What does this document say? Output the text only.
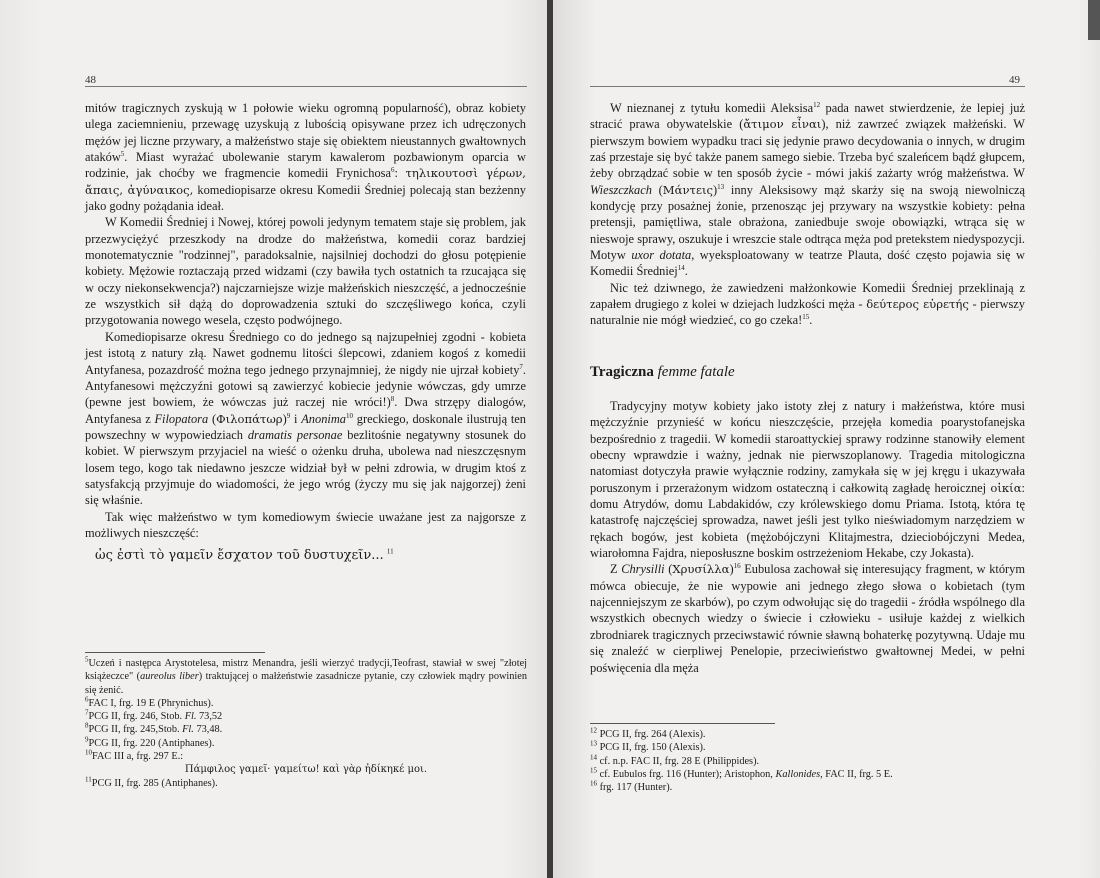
48

mitów tragicznych zyskują w 1 połowie wieku ogromną popularność), obraz kobiety ulega zaciemnieniu, przewagę uzyskują z lubością opisywane przez ich udręczonych mężów jej liczne przywary, a małżeństwo staje się obiektem nieustannych gwałtownych ataków$^5$. Miast wyrażać ubolewanie starym kawalerom pozbawionym oparcia w rodzinie, jak choćby we fragmencie komedii Frynichosa$^6$: τηλικουτοσὶ γέρων, ἄπαις, ἀγύναικος, komediopisarze okresu Komedii Średniej polecają stan bezżenny jako godny pożądania ideał.

W Komedii Średniej i Nowej, której powoli jedynym tematem staje się problem, jak przezwyciężyć przeszkody na drodze do małżeństwa, komedii coraz bardziej monotematycznie "rodzinnej", paradoksalnie, najsilniej dochodzi do głosu potępienie kobiety. Mężowie roztaczają przed widzami (czy bawiła tych ostatnich ta rzucająca się w oczy niekonsekwencja?) najczarniejsze wizje małżeńskich nieszczęść, a jednocześnie ze wszystkich sił dążą do doprowadzenia sztuki do szczęśliwego końca, czyli przygotowania nowego wesela, często podwójnego.

Komediopisarze okresu Średniego co do jednego są najzupełniej zgodni - kobieta jest istotą z natury złą. Nawet godnemu litości ślepcowi, zdaniem kogoś z komedii Antyfanesa, pozazdrość można tego jednego przynajmniej, że nigdy nie ujrzał kobiety$^7$. Antyfanesowi mężczyźni gotowi są zawierzyć kobiecie jedynie wówczas, gdy umrze (pewne jest bowiem, że wówczas już raczej nie wróci!)$^8$. Dwa strzępy dialogów, Antyfanesa z Filopatora $(\Phi\iota\lambda o\pi ά\tau\omega\rho)^9$ i Anonima$^{10}$ greckiego, doskonale ilustrują ten powszechny w wypowiedziach dramatis personae bezlitośnie negatywny stosunek do kobiet. W pierwszym przyjaciel na wieść o ożenku druha, ubolewa nad nieszczęsnym losem tego, kogo tak niedawno jeszcze widział był w pełni zdrowia, w drugim ktoś z satysfakcją przyjmuje do wiadomości, że jego wróg (życzy mu się jak najgorzej) żeni się właśnie.

Tak więc małżeństwo w tym komediowym świecie uważane jest za najgorsze z możliwych nieszczęść:

ὡς ἐστὶ τὸ γαμεῖν ἔσχατον τοῦ δυστυχεῖν... $^{11}$

$^5$Uczeń i następca Arystotelesa, mistrz Menandra, jeśli wierzyć tradycji,Teofrast, stawiał w swej "złotej książeczce" (aureolus liber) traktującej o małżeństwie zasadnicze pytanie, czy człowiek mądry powinien się żenić.

$^6$FAC I, frg. 19 E (Phrynichus).

$^7$PCG II, frg. 246, Stob. Fl. 73,52

$^8$PCG II, frg. 245,Stob. Fl. 73,48.

$^9$PCG II, frg. 220 (Antiphanes).

$^{10}$FAC III a, frg. 297 E.:

Πάμφιλος γαμεῖ· γαμείτω! καὶ γὰρ ἠδίκηκέ μοι.

$^{11}$PCG II, frg. 285 (Antiphanes).

49

W nieznanej z tytułu komedii Aleksisa$^{12}$ pada nawet stwierdzenie, że lepiej już stracić prawa obywatelskie (ἄτιμον εἶναι), niż zawrzeć związek małżeński. W pierwszym bowiem wypadku traci się jedynie prawo decydowania o innych, w drugim zaś przestaje się być także panem samego siebie. Trzeba być szaleńcem bądź głupcem, żeby obrządzać sobie w ten sposób życie - mówi jakiś zażarty wróg małżeństwa. W Wieszczkach $(Mά\nu\tau\varepsilon\iota\varsigma)^{13}$ inny Aleksisowy mąż skarży się na swoją niewolniczą kondycję przy posażnej żonie, przenosząc jej przywary na wszystkie kobiety: pełna pretensji, pamiętliwa, stale obrażona, zaniedbuje swoje obowiązki, wtrąca się w nieswoje sprawy, oszukuje i wreszcie stale odtrąca męża pod pretekstem niedyspozycji. Motyw uxor dotata, wyeksploatowany w teatrze Plauta, dość często pojawia się w Komedii Średniej$^{14}$.

Nic też dziwnego, że zawiedzeni małżonkowie Komedii Średniej przeklinają z zapałem drugiego z kolei w dziejach ludzkości męża - δεύτερος εὑρετής - pierwszy naturalnie nie mógł wiedzieć, co go czeka!$^{15}$.

Tragiczna femme fatale

Tradycyjny motyw kobiety jako istoty złej z natury i małżeństwa, które musi mężczyźnie przynieść w końcu nieszczęście, przejęła komedia poarystofanejska bezpośrednio z tragedii. W komedii staroattyckiej sprawy rodzinne stanowiły element obecny wprawdzie i ważny, jednak nie pierwszoplanowy. Tragedia mitologiczna natomiast dotyczyła prawie wyłącznie rodziny, zamykała się w jej kręgu i ukazywała poruszonym i przerażonym widzom ostateczną i całkowitą zagładę heroicznej οἰκία: domu Atrydów, domu Labdakidów, czy królewskiego domu Priama. Istotą, która tę katastrofę najczęściej sprowadza, nawet jeśli jest tylko nieświadomym narzędziem w rękach bogów, jest kobieta (mężobójczyni Klitajmestra, dzieciobójczyni Medea, wiarołomna Fajdra, nieposłuszne boskim ostrzeżeniom Hekabe, czy Jokasta).

Z Chrysilli $(X\rho\upsilon\sigma ί\lambda\lambda\alpha)^{16}$ Eubulosa zachował się interesujący fragment, w którym mówca obiecuje, że nie wypowie ani jednego złego słowa o kobietach (tym najcenniejszym ze skarbów), po czym odwołując się do tragedii - źródła wspólnego dla wszystkich obecnych wiedzy o świecie i człowieku - usiłuje każdej z wielkich zbrodniarek tragicznych przeciwstawić równie sławną bohaterkę pozytywną. Udaje mu się znaleźć w cierpliwej Penelopie, przeciwieństwo gwałtownej Medei, w pełni poświęcenia dla męża

$^{12}$ PCG II, frg. 264 (Alexis).

$^{13}$ PCG II, frg. 150 (Alexis).

$^{14}$ cf. n.p. FAC II, frg. 28 E (Philippides).

$^{15}$ cf. Eubulos frg. 116 (Hunter); Aristophon, Kallonides, FAC II, frg. 5 E.

$^{16}$ frg. 117 (Hunter).
